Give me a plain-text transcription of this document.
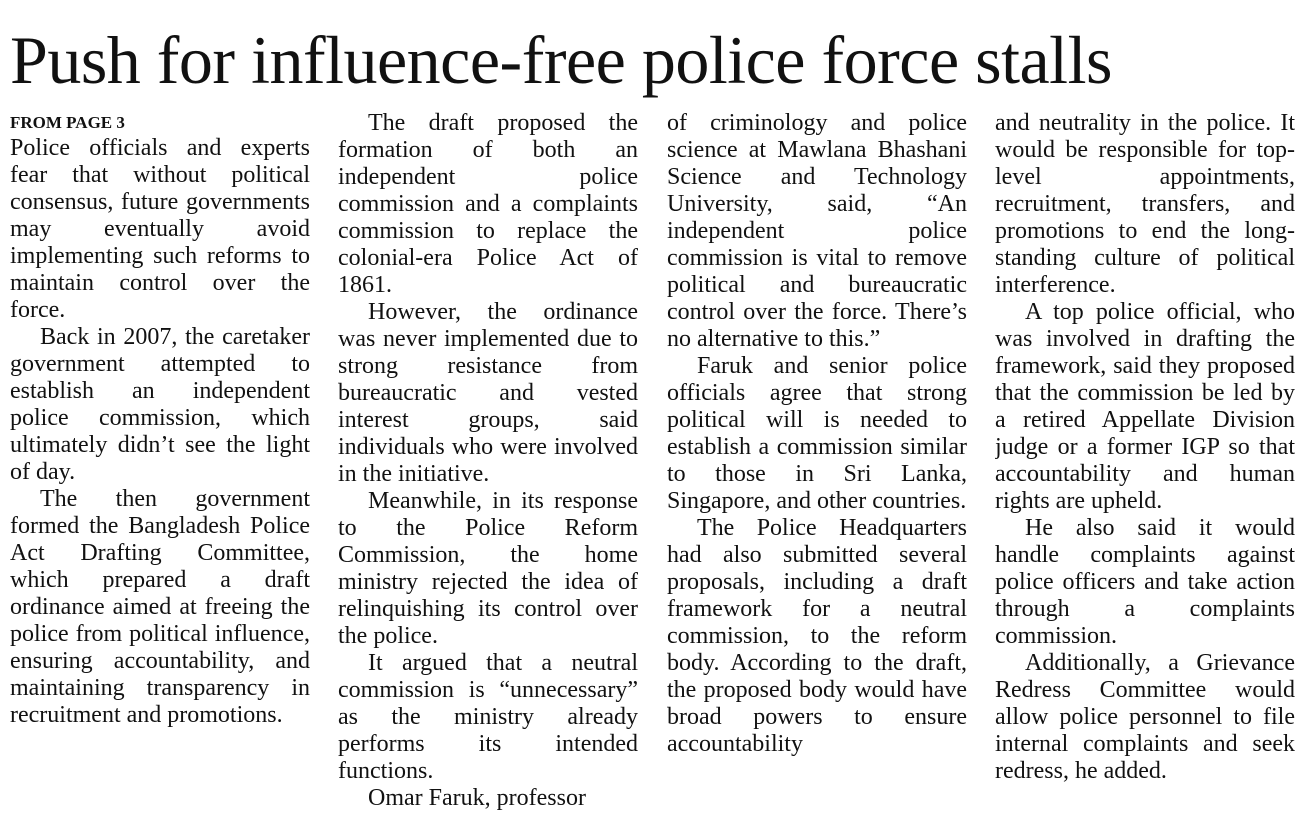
Push for influence-free police force stalls
FROM PAGE 3

Police officials and experts fear that without political consensus, future governments may eventually avoid implementing such reforms to maintain control over the force.

Back in 2007, the caretaker government attempted to establish an independent police commission, which ultimately didn’t see the light of day.

The then government formed the Bangladesh Police Act Drafting Committee, which prepared a draft ordinance aimed at freeing the police from political influence, ensuring accountability, and maintaining transparency in recruitment and promotions.

The draft proposed the formation of both an independent police commission and a complaints commission to replace the colonial-era Police Act of 1861.

However, the ordinance was never implemented due to strong resistance from bureaucratic and vested interest groups, said individuals who were involved in the initiative.

Meanwhile, in its response to the Police Reform Commission, the home ministry rejected the idea of relinquishing its control over the police.

It argued that a neutral commission is “unnecessary” as the ministry already performs its intended functions.

Omar Faruk, professor

of criminology and police science at Mawlana Bhashani Science and Technology University, said, “An independent police commission is vital to remove political and bureaucratic control over the force. There’s no alternative to this.”

Faruk and senior police officials agree that strong political will is needed to establish a commission similar to those in Sri Lanka, Singapore, and other countries.

The Police Headquarters had also submitted several proposals, including a draft framework for a neutral commission, to the reform body. According to the draft, the proposed body would have broad powers to ensure accountability

and neutrality in the police. It would be responsible for top-level appointments, recruitment, transfers, and promotions to end the long-standing culture of political interference.

A top police official, who was involved in drafting the framework, said they proposed that the commission be led by a retired Appellate Division judge or a former IGP so that accountability and human rights are upheld.

He also said it would handle complaints against police officers and take action through a complaints commission.

Additionally, a Grievance Redress Committee would allow police personnel to file internal complaints and seek redress, he added.
